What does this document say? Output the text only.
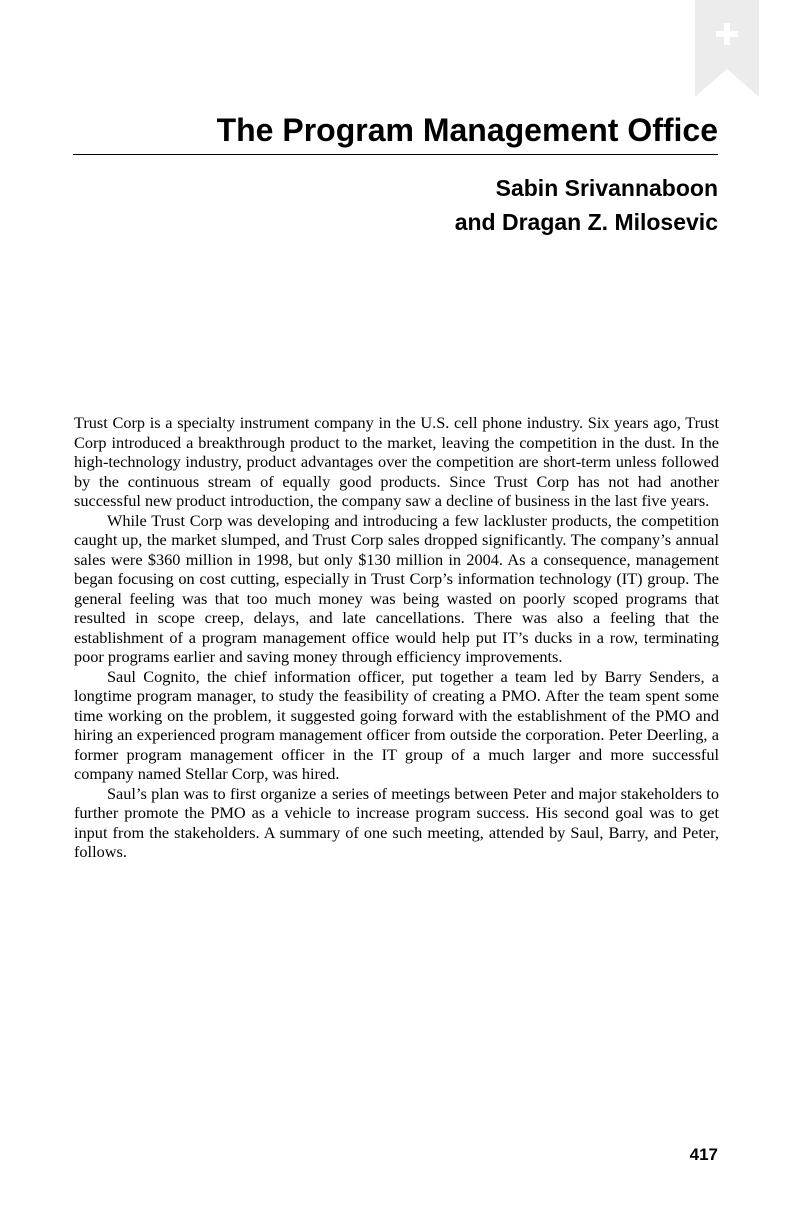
The Program Management Office
Sabin Srivannaboon
and Dragan Z. Milosevic

Trust Corp is a specialty instrument company in the U.S. cell phone industry. Six years ago, Trust Corp introduced a breakthrough product to the market, leaving the competition in the dust. In the high-technology industry, product advantages over the competition are short-term unless followed by the continuous stream of equally good products. Since Trust Corp has not had another successful new product introduction, the company saw a decline of business in the last five years.

While Trust Corp was developing and introducing a few lackluster products, the competition caught up, the market slumped, and Trust Corp sales dropped significantly. The company’s annual sales were $360 million in 1998, but only $130 million in 2004. As a consequence, management began focusing on cost cutting, especially in Trust Corp’s information technology (IT) group. The general feeling was that too much money was being wasted on poorly scoped programs that resulted in scope creep, delays, and late cancellations. There was also a feeling that the establishment of a program management office would help put IT’s ducks in a row, terminating poor programs earlier and saving money through efficiency improvements.

Saul Cognito, the chief information officer, put together a team led by Barry Senders, a longtime program manager, to study the feasibility of creating a PMO. After the team spent some time working on the problem, it suggested going forward with the establishment of the PMO and hiring an experienced program management officer from outside the corporation. Peter Deerling, a former program management officer in the IT group of a much larger and more successful company named Stellar Corp, was hired.

Saul’s plan was to first organize a series of meetings between Peter and major stakeholders to further promote the PMO as a vehicle to increase program success. His second goal was to get input from the stakeholders. A summary of one such meeting, attended by Saul, Barry, and Peter, follows.

417
